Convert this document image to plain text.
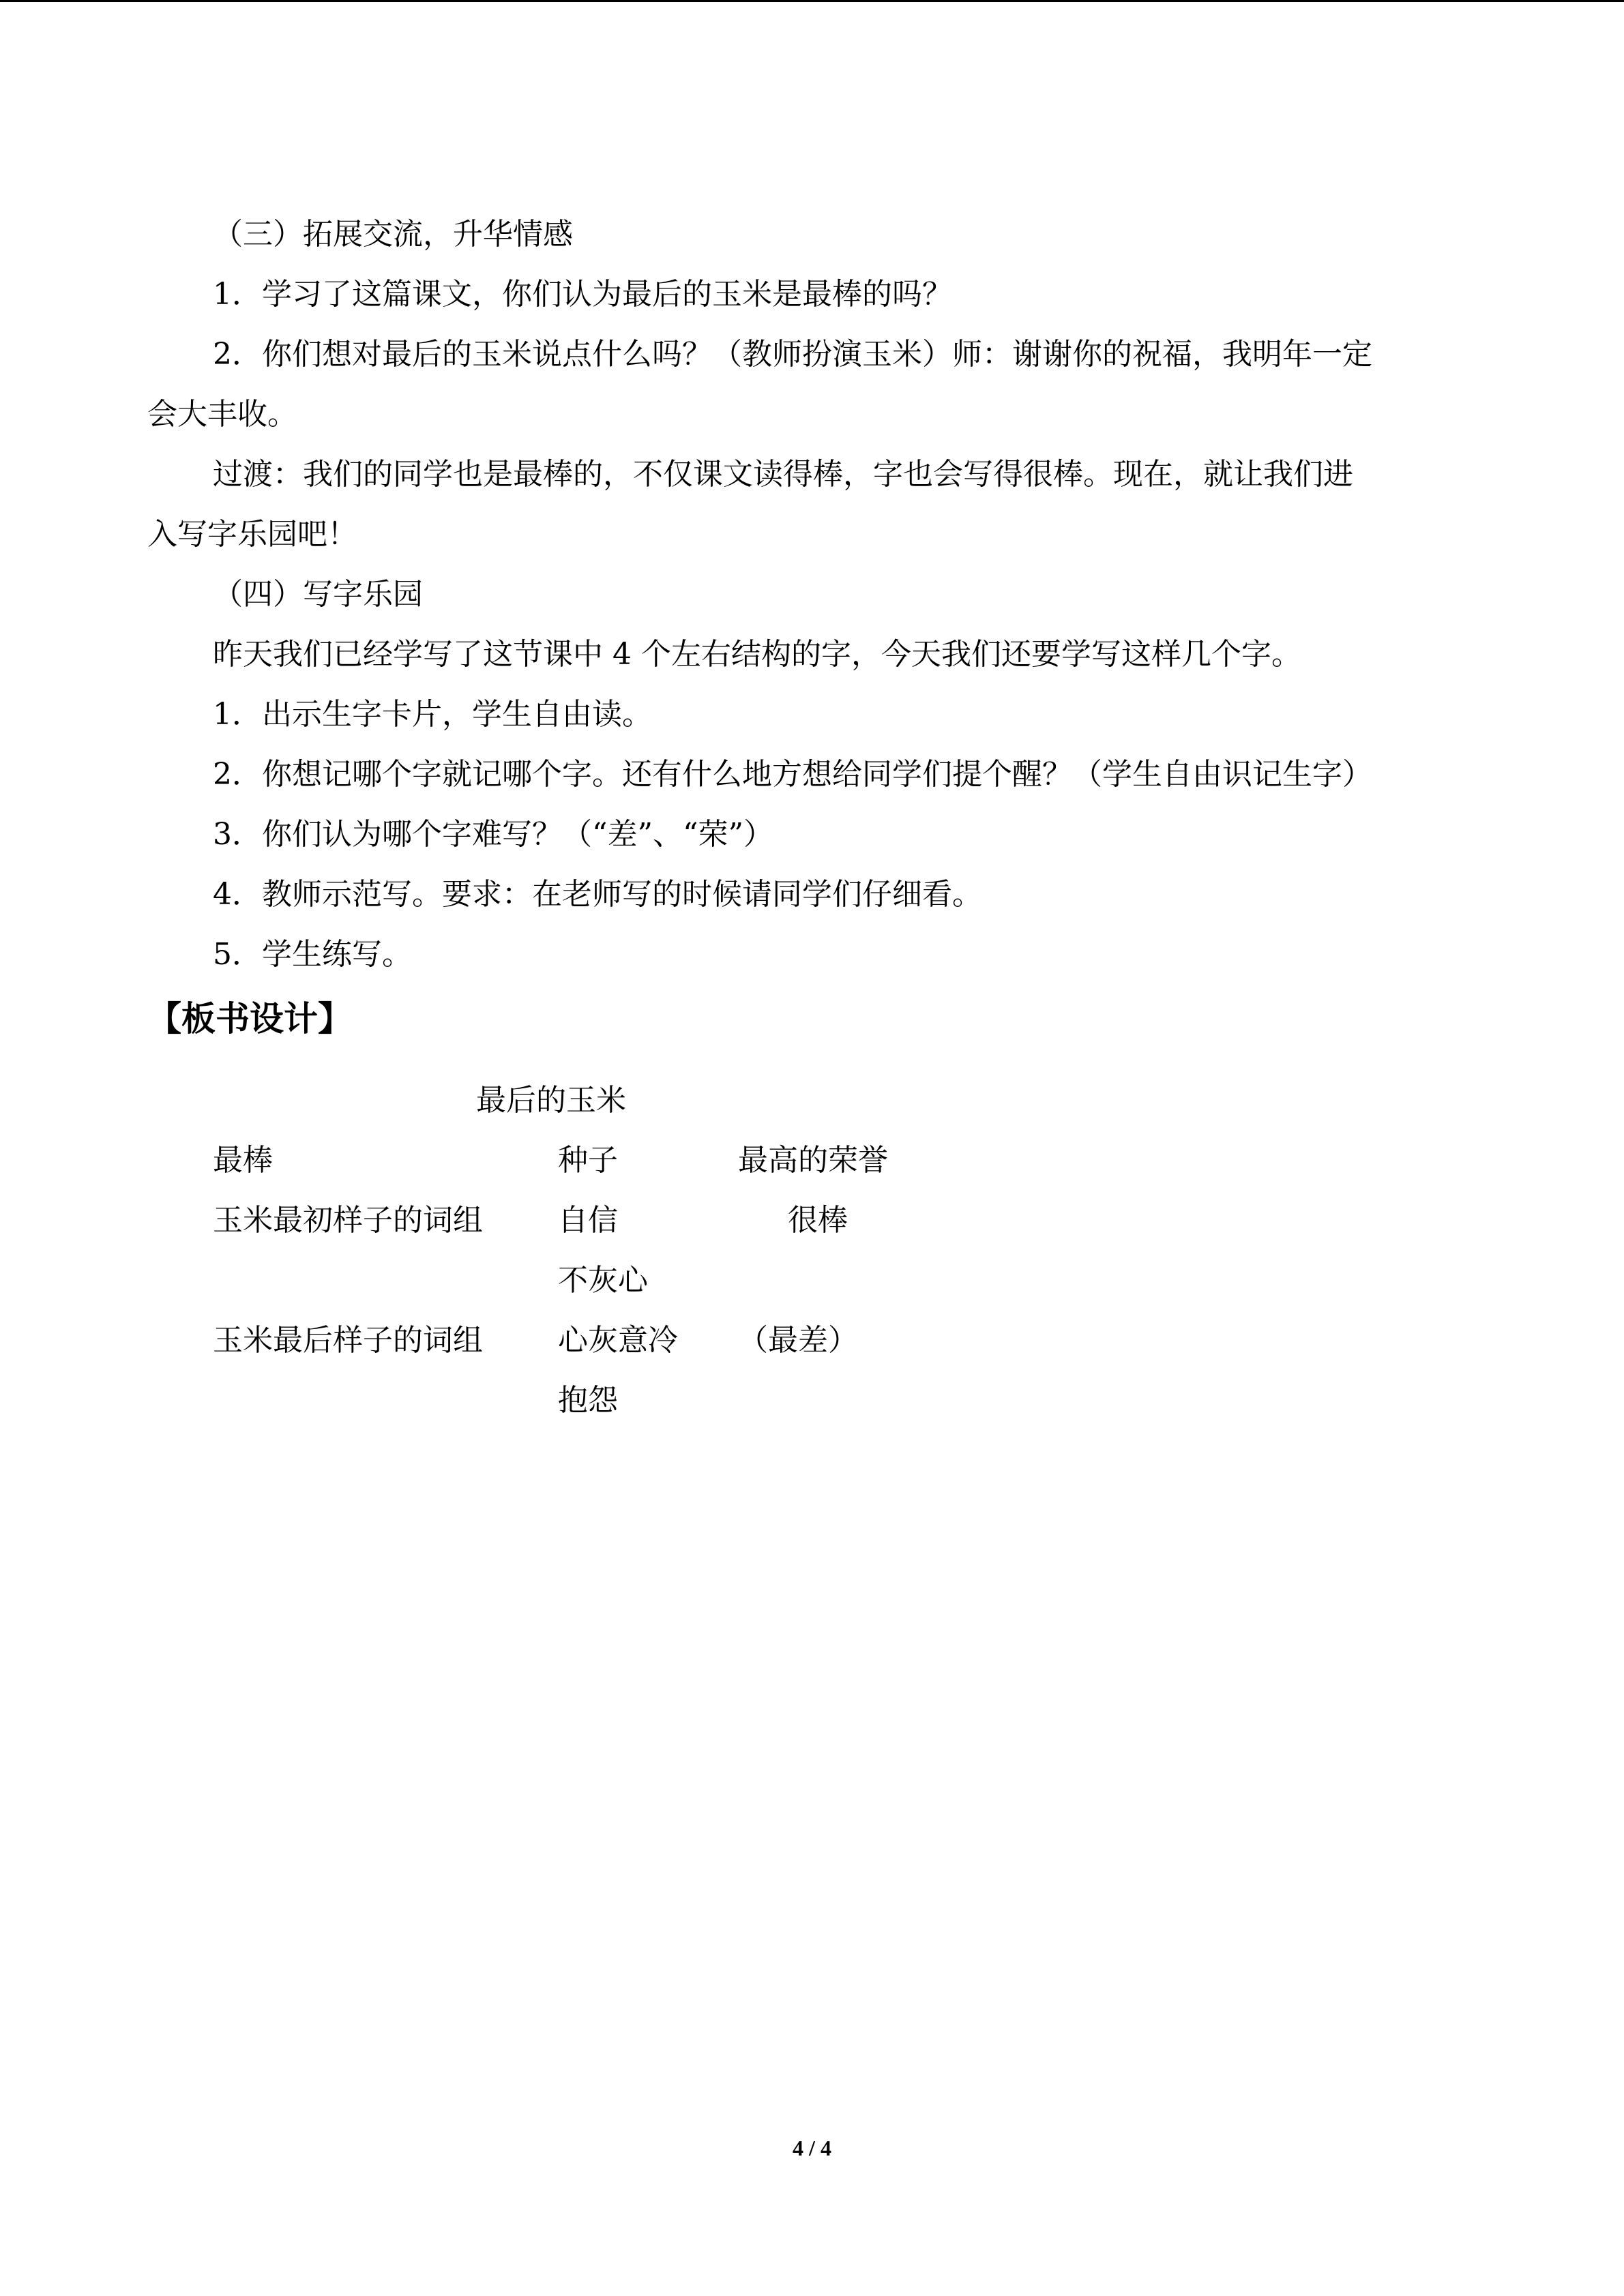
（三）拓展交流，升华情感
1．学习了这篇课文，你们认为最后的玉米是最棒的吗？
2．你们想对最后的玉米说点什么吗？（教师扮演玉米）师：谢谢你的祝福，我明年一定
会大丰收。
过渡：我们的同学也是最棒的，不仅课文读得棒，字也会写得很棒。现在，就让我们进
入写字乐园吧！
（四）写字乐园
昨天我们已经学写了这节课中 4 个左右结构的字，今天我们还要学写这样几个字。
1．出示生字卡片，学生自由读。
2．你想记哪个字就记哪个字。还有什么地方想给同学们提个醒？（学生自由识记生字）
3．你们认为哪个字难写？（“差”、“荣”）
4．教师示范写。要求：在老师写的时候请同学们仔细看。
5．学生练写。
【板书设计】
最后的玉米
最棒	种子	最高的荣誉
玉米最初样子的词组	自信	很棒
不灰心
玉米最后样子的词组	心灰意冷 （最差）
抱怨
4 / 4
